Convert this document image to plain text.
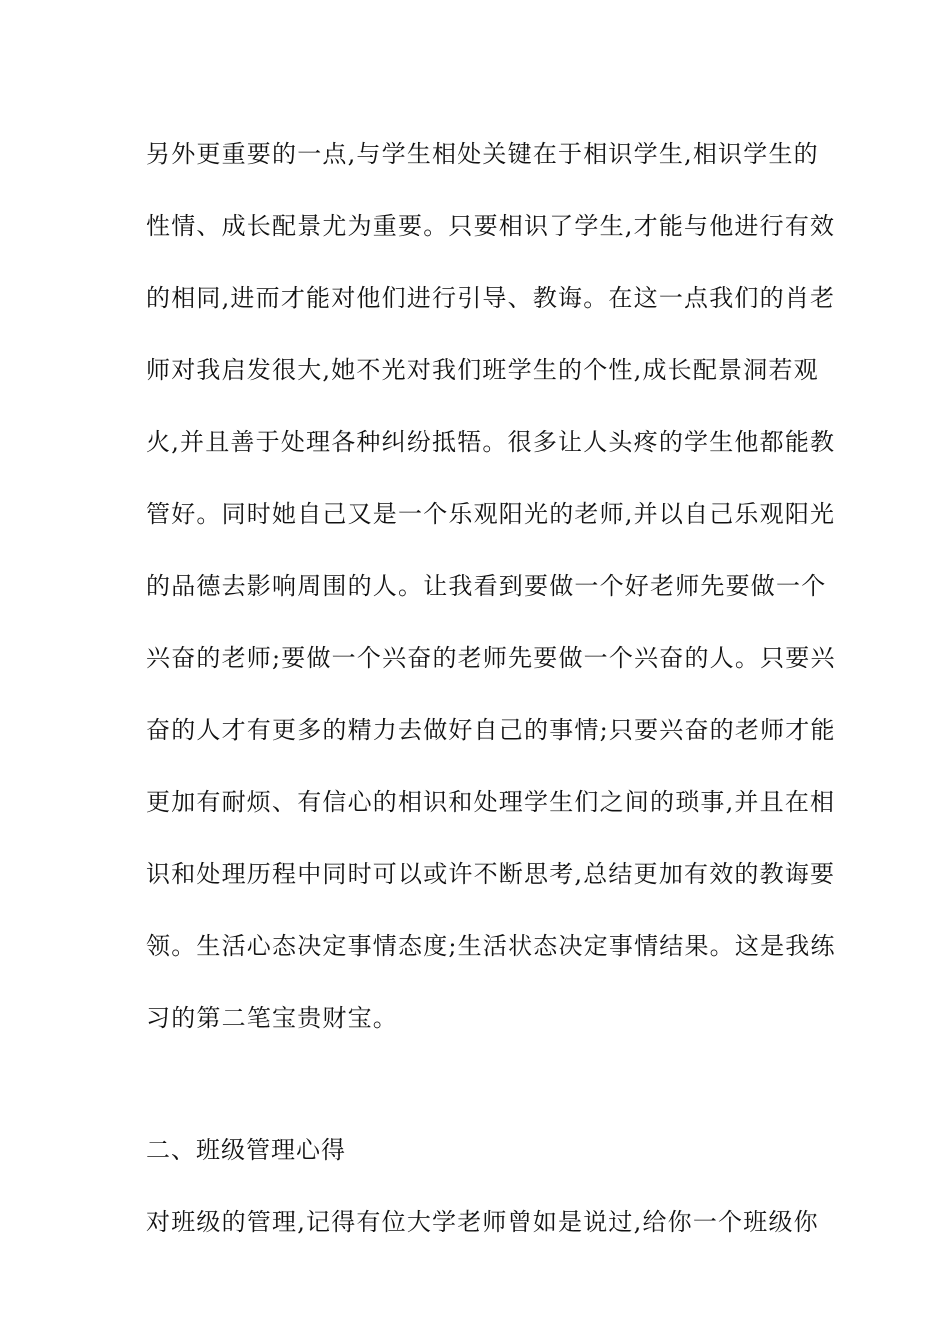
另外更重要的一点,与学生相处关键在于相识学生,相识学生的
性情、成长配景尤为重要。只要相识了学生,才能与他进行有效
的相同,进而才能对他们进行引导、教诲。在这一点我们的肖老
师对我启发很大,她不光对我们班学生的个性,成长配景洞若观
火,并且善于处理各种纠纷抵牾。很多让人头疼的学生他都能教
管好。同时她自己又是一个乐观阳光的老师,并以自己乐观阳光
的品德去影响周围的人。让我看到要做一个好老师先要做一个
兴奋的老师;要做一个兴奋的老师先要做一个兴奋的人。只要兴
奋的人才有更多的精力去做好自己的事情;只要兴奋的老师才能
更加有耐烦、有信心的相识和处理学生们之间的琐事,并且在相
识和处理历程中同时可以或许不断思考,总结更加有效的教诲要
领。生活心态决定事情态度;生活状态决定事情结果。这是我练
习的第二笔宝贵财宝。
二、班级管理心得
对班级的管理,记得有位大学老师曾如是说过,给你一个班级你
